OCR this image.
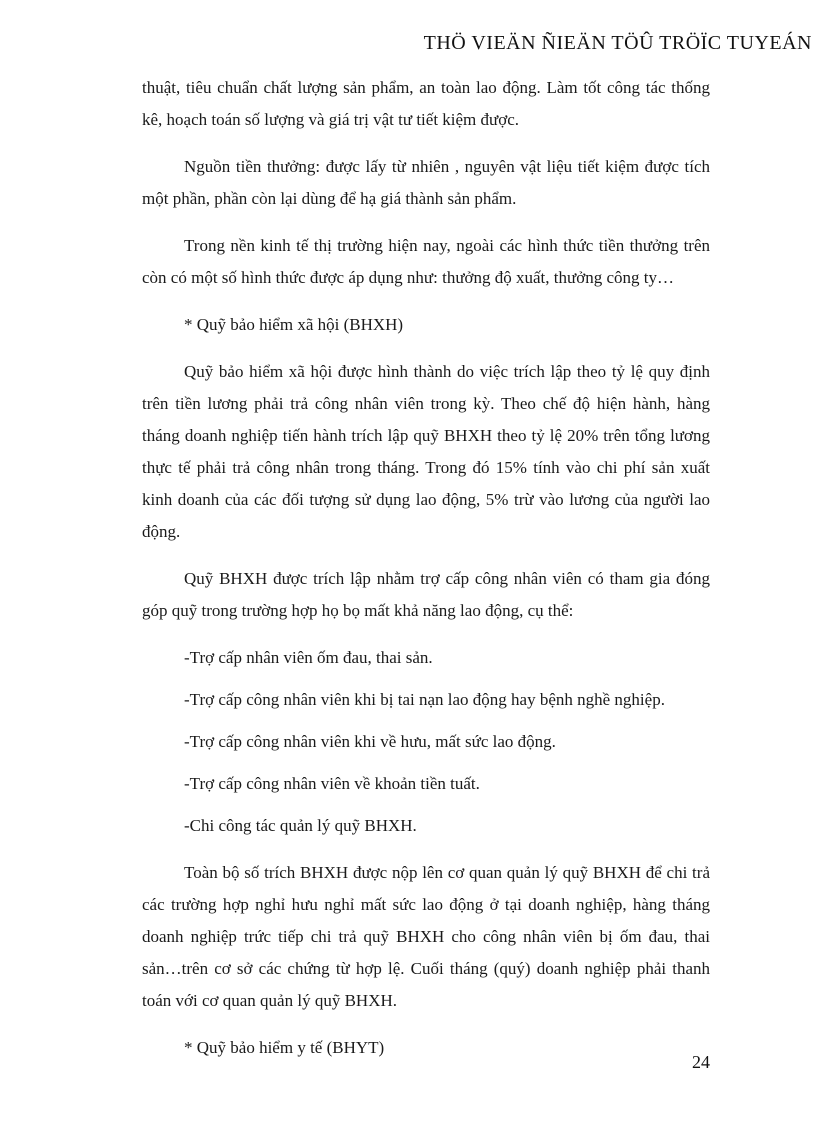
THÖ VIEÄN ÑIEÄN TÖÛ TRÖÏC TUYEÁN

thuật, tiêu chuẩn chất lượng sản phẩm, an toàn lao động. Làm tốt công tác thống kê, hoạch toán số lượng và giá trị vật tư tiết kiệm được.

Nguồn tiền thưởng: được lấy từ nhiên , nguyên vật liệu tiết kiệm được tích một phần, phần còn lại dùng để hạ giá thành sản phẩm.

Trong nền kinh tế thị trường hiện nay, ngoài các hình thức tiền thưởng trên còn có một số hình thức được áp dụng như: thưởng độ xuất, thưởng công ty…

* Quỹ bảo hiểm xã hội (BHXH)

Quỹ bảo hiểm xã hội được hình thành do việc trích lập theo tỷ lệ quy định trên tiền lương phải trả công nhân viên trong kỳ. Theo chế độ hiện hành, hàng tháng doanh nghiệp tiến hành trích lập quỹ BHXH theo tỷ lệ 20% trên tổng lương thực tế phải trả công nhân trong tháng. Trong đó 15% tính vào chi phí sản xuất kinh doanh của các đối tượng sử dụng lao động, 5% trừ vào lương của người lao động.

Quỹ BHXH được trích lập nhằm trợ cấp công nhân viên có tham gia đóng góp quỹ trong trường hợp họ bọ mất khả năng lao động, cụ thể:

-Trợ cấp nhân viên ốm đau, thai sản.

-Trợ cấp công nhân viên khi bị tai nạn lao động hay bệnh nghề nghiệp.

-Trợ cấp công nhân viên khi về hưu, mất sức lao động.

-Trợ cấp công nhân viên về khoản tiền tuất.

-Chi công tác quản lý quỹ BHXH.

Toàn bộ số trích BHXH được nộp lên cơ quan quản lý quỹ BHXH để chi trả các trường hợp nghỉ hưu nghỉ mất sức lao động ở tại doanh nghiệp, hàng tháng doanh nghiệp trức tiếp chi trả quỹ BHXH cho công nhân viên bị ốm đau, thai sản…trên cơ sở các chứng từ hợp lệ. Cuối tháng (quý) doanh nghiệp phải thanh toán với cơ quan quản lý quỹ BHXH.

* Quỹ bảo hiểm y tế (BHYT)

24
